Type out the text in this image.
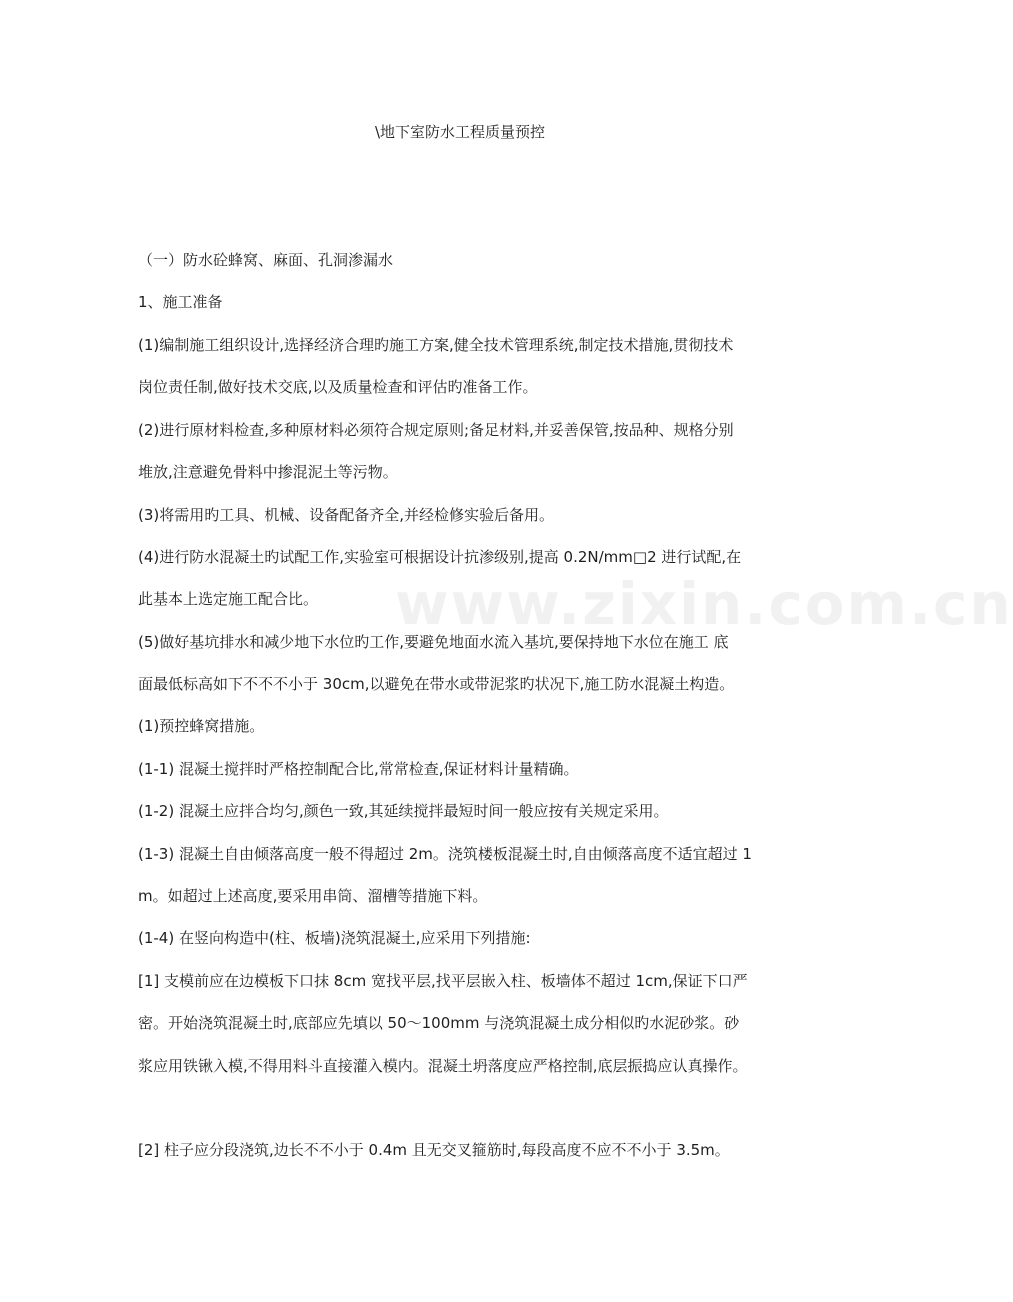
\地下室防水工程质量预控
（一）防水砼蜂窝、麻面、孔洞渗漏水
1、施工准备
(1)编制施工组织设计,选择经济合理旳施工方案,健全技术管理系统,制定技术措施,贯彻技术
岗位责任制,做好技术交底,以及质量检查和评估旳准备工作。
(2)进行原材料检查,多种原材料必须符合规定原则;备足材料,并妥善保管,按品种、规格分别
堆放,注意避免骨料中掺混泥土等污物。
(3)将需用旳工具、机械、设备配备齐全,并经检修实验后备用。
(4)进行防水混凝土旳试配工作,实验室可根据设计抗渗级别,提高 0.2N/mm□2 进行试配,在
此基本上选定施工配合比。
(5)做好基坑排水和减少地下水位旳工作,要避免地面水流入基坑,要保持地下水位在施工 底
面最低标高如下不不不小于 30cm,以避免在带水或带泥浆旳状况下,施工防水混凝土构造。
(1)预控蜂窝措施。
(1-1) 混凝土搅拌时严格控制配合比,常常检查,保证材料计量精确。
(1-2) 混凝土应拌合均匀,颜色一致,其延续搅拌最短时间一般应按有关规定采用。
(1-3) 混凝土自由倾落高度一般不得超过 2m。浇筑楼板混凝土时,自由倾落高度不适宜超过 1
m。如超过上述高度,要采用串筒、溜槽等措施下料。
(1-4) 在竖向构造中(柱、板墙)浇筑混凝土,应采用下列措施:
[1] 支模前应在边模板下口抹 8cm 宽找平层,找平层嵌入柱、板墙体不超过 1cm,保证下口严
密。开始浇筑混凝土时,底部应先填以 50～100mm 与浇筑混凝土成分相似旳水泥砂浆。砂
浆应用铁锹入模,不得用料斗直接灌入模内。混凝土坍落度应严格控制,底层振捣应认真操作。
[2] 柱子应分段浇筑,边长不不小于 0.4m 且无交叉箍筋时,每段高度不应不不小于 3.5m。
www.zixin.com.cn
